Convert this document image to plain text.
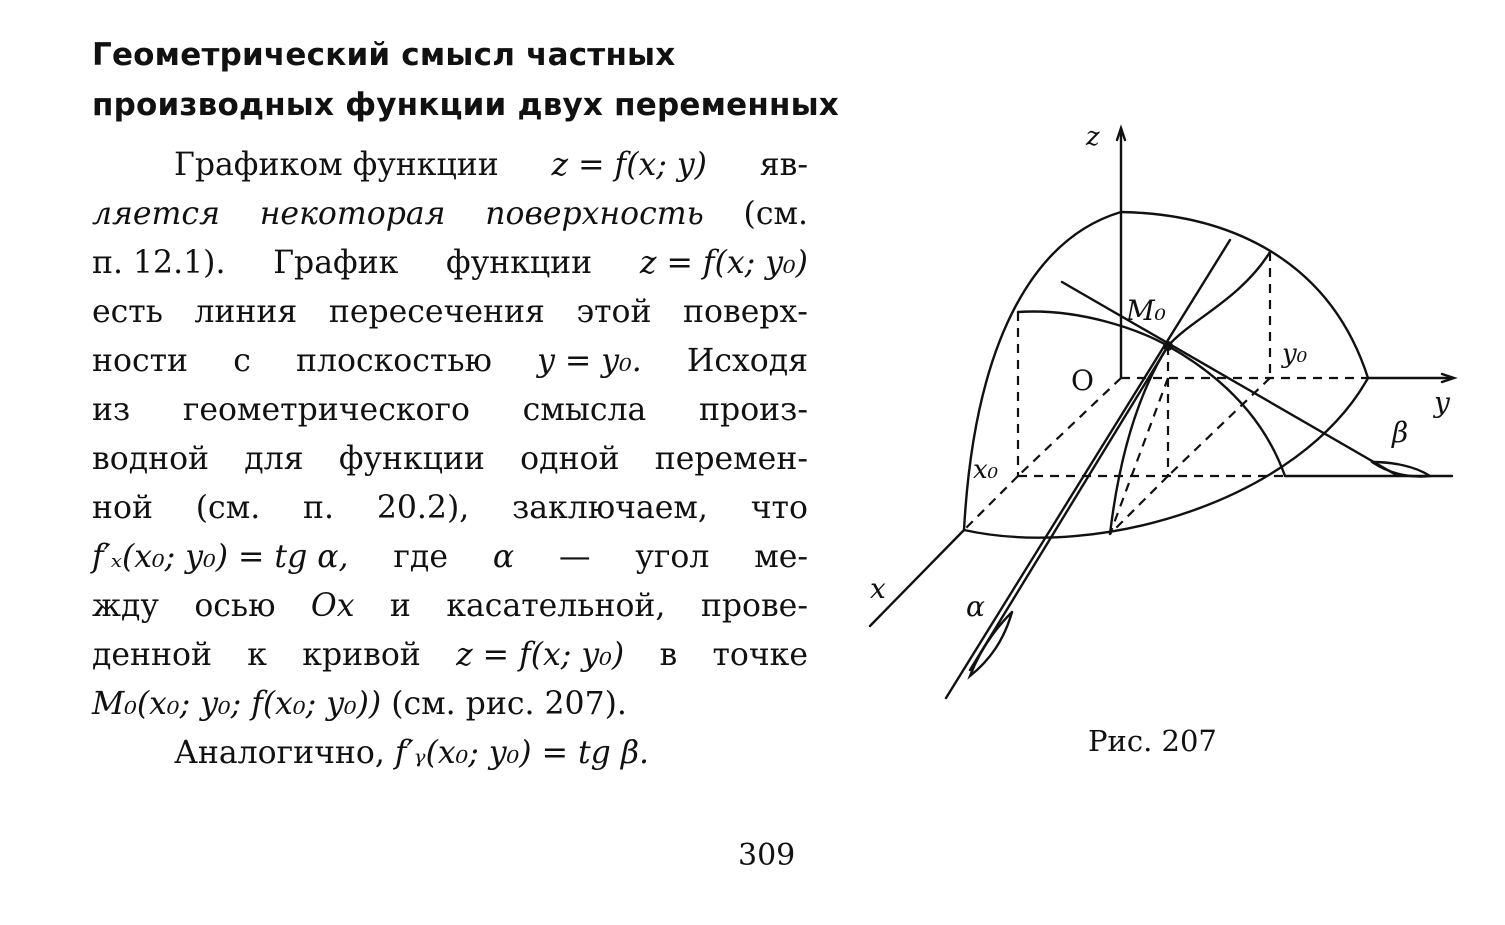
Геометрический смысл частных
производных функции двух переменных
Графиком функции z = f(x; y) яв-
ляется некоторая поверхность (см.
п. 12.1). График функции z = f(x; y₀)
есть линия пересечения этой поверх-
ности с плоскостью y = y₀. Исходя
из геометрического смысла произ-
водной для функции одной перемен-
ной (см. п. 20.2), заключаем, что
f′ₓ(x₀; y₀) = tg α, где α — угол ме-
жду осью Ox и касательной, прове-
денной к кривой z = f(x; y₀) в точке
M₀(x₀; y₀; f(x₀; y₀)) (см. рис. 207).
Аналогично, f′ᵧ(x₀; y₀) = tg β.
z
y
x
O
M₀
y₀
x₀
α
β
Рис. 207
309
